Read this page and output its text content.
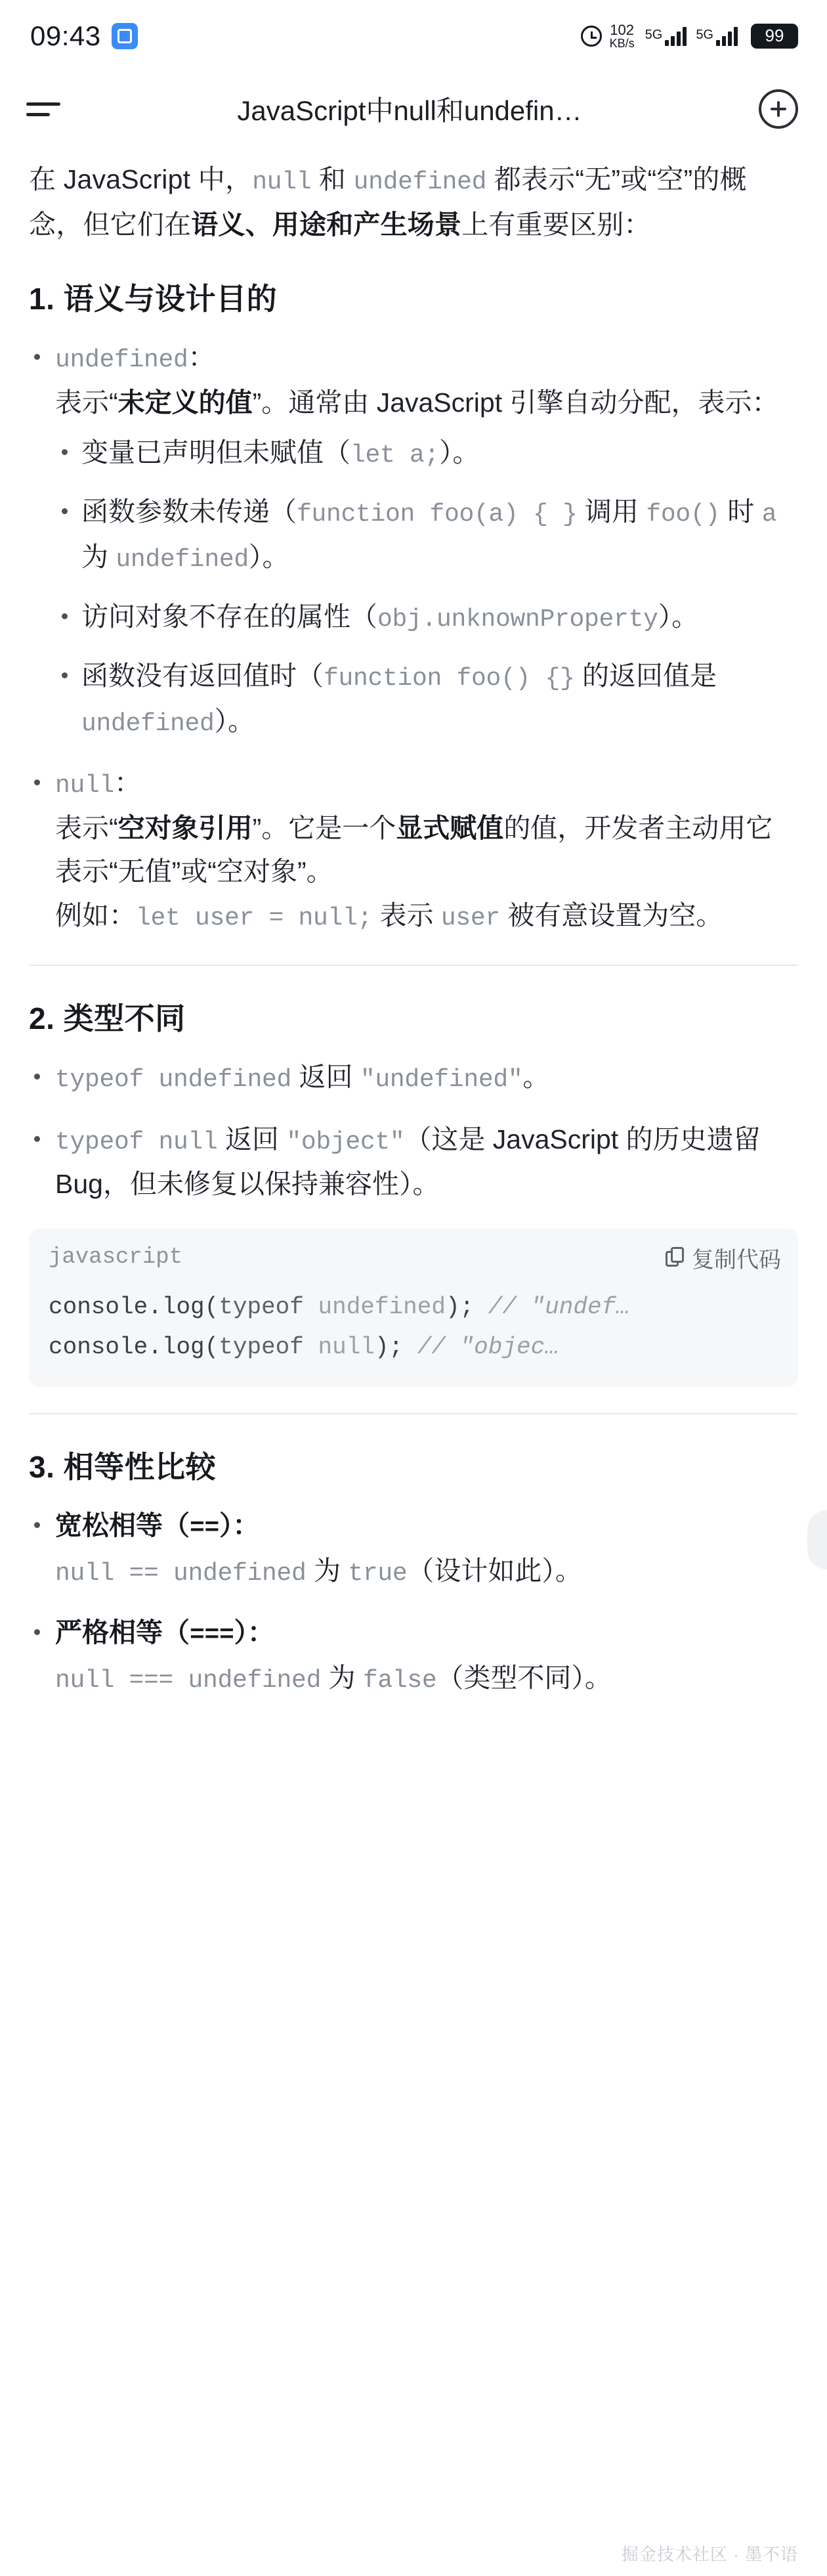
09:43	102
KB/s
5G	5G	99
JavaScript中null和undefin…
在 JavaScript 中，null 和 undefined 都表示“无”或“空”的概念，但它们在语义、用途和产生场景上有重要区别：
1. 语义与设计目的
undefined：
表示“未定义的值”。通常由 JavaScript 引擎自动分配，表示：
变量已声明但未赋值（let a;）。
函数参数未传递（function foo(a) { } 调用 foo() 时 a 为 undefined）。
访问对象不存在的属性（obj.unknownProperty）。
函数没有返回值时（function foo() {} 的返回值是 undefined）。
null：
表示“空对象引用”。它是一个显式赋值的值，开发者主动用它表示“无值”或“空对象”。
例如：let user = null; 表示 user 被有意设置为空。
2. 类型不同
typeof undefined 返回 "undefined"。
typeof null 返回 "object"（这是 JavaScript 的历史遗留 Bug，但未修复以保持兼容性）。
javascript	复制代码
console.log(typeof undefined); // "undef…
console.log(typeof null); // "objec…
3. 相等性比较
宽松相等（==）：
null == undefined 为 true（设计如此）。
严格相等（===）：
null === undefined 为 false（类型不同）。
掘金技术社区 · 墨不语
